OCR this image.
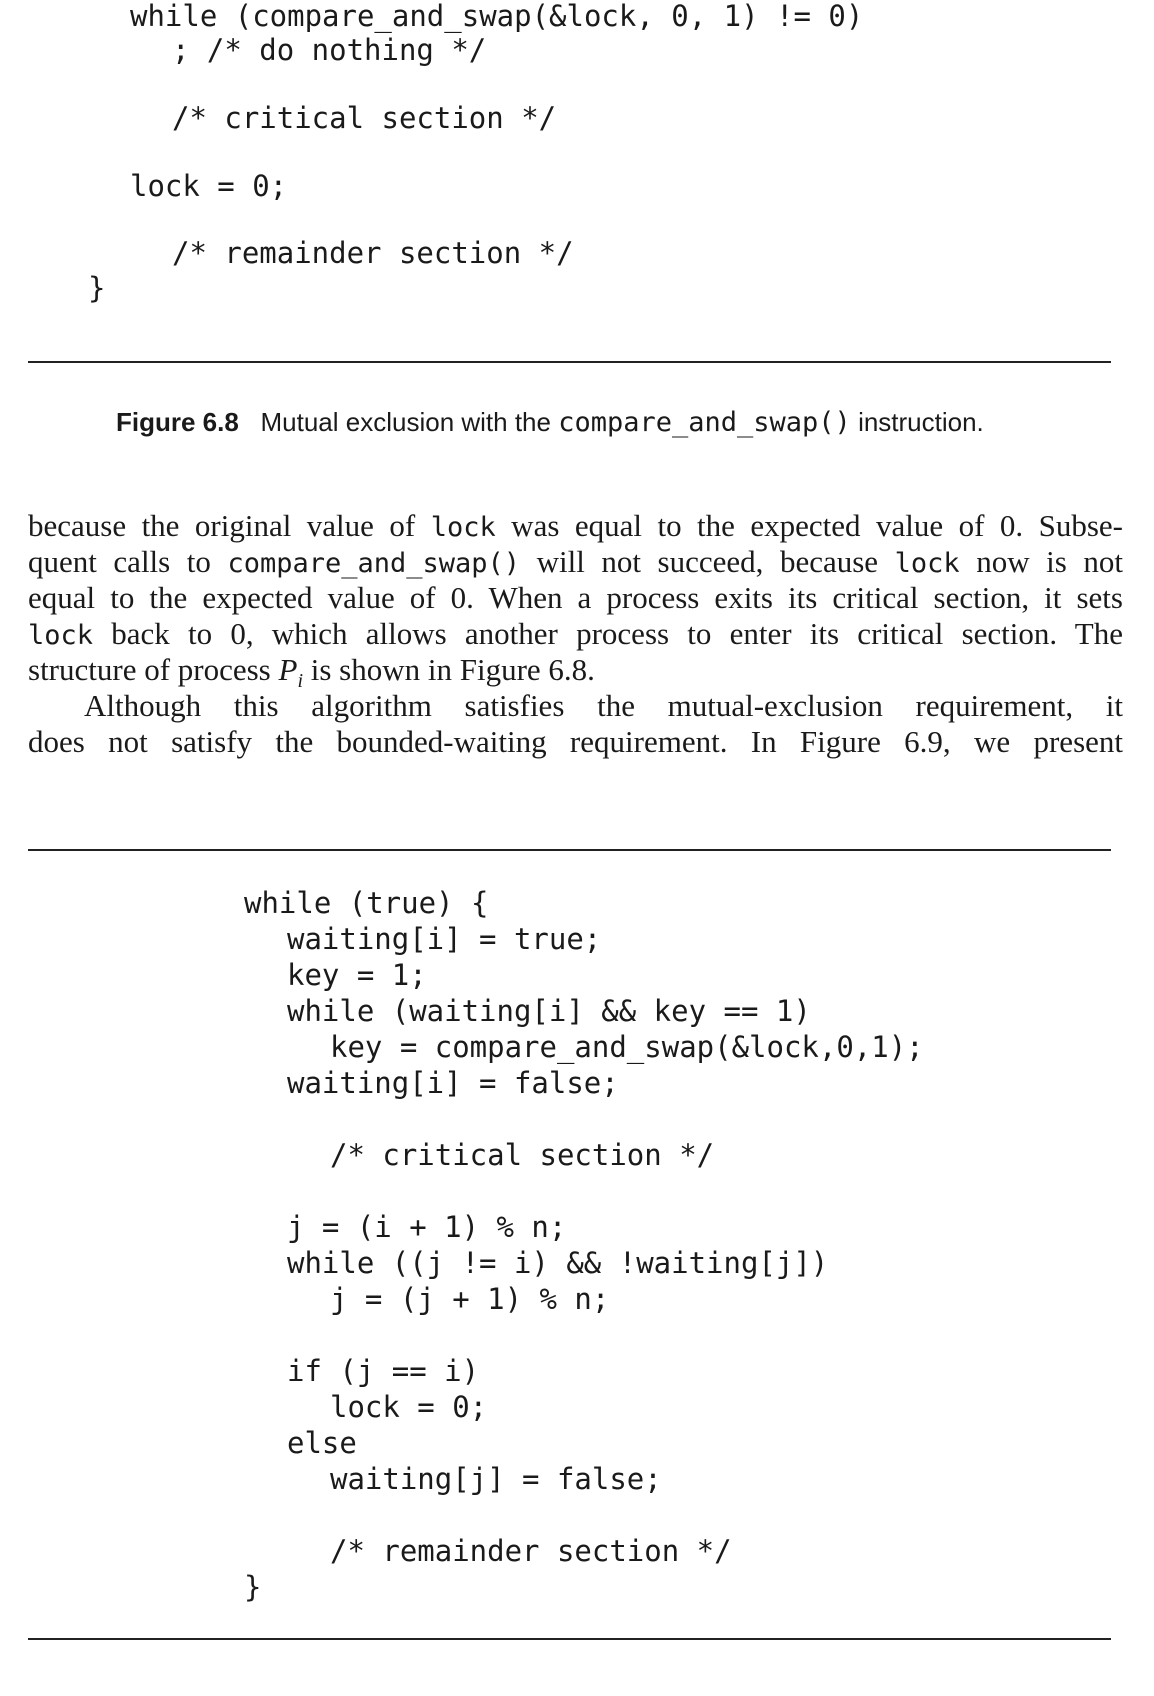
while (compare_and_swap(&lock, 0, 1) != 0)
; /* do nothing */
/* critical section */
lock = 0;
/* remainder section */
}
Figure 6.8 Mutual exclusion with the compare_and_swap() instruction.
because the original value of lock was equal to the expected value of 0. Subse-
quent calls to compare_and_swap() will not succeed, because lock now is not
equal to the expected value of 0. When a process exits its critical section, it sets
lock back to 0, which allows another process to enter its critical section. The
structure of process $P_i$ is shown in Figure 6.8.
Although this algorithm satisfies the mutual-exclusion requirement, it
does not satisfy the bounded-waiting requirement. In Figure 6.9, we present
while (true) {
waiting[i] = true;
key = 1;
while (waiting[i] && key == 1)
key = compare_and_swap(&lock,0,1);
waiting[i] = false;
/* critical section */
j = (i + 1) % n;
while ((j != i) && !waiting[j])
j = (j + 1) % n;
if (j == i)
lock = 0;
else
waiting[j] = false;
/* remainder section */
}
